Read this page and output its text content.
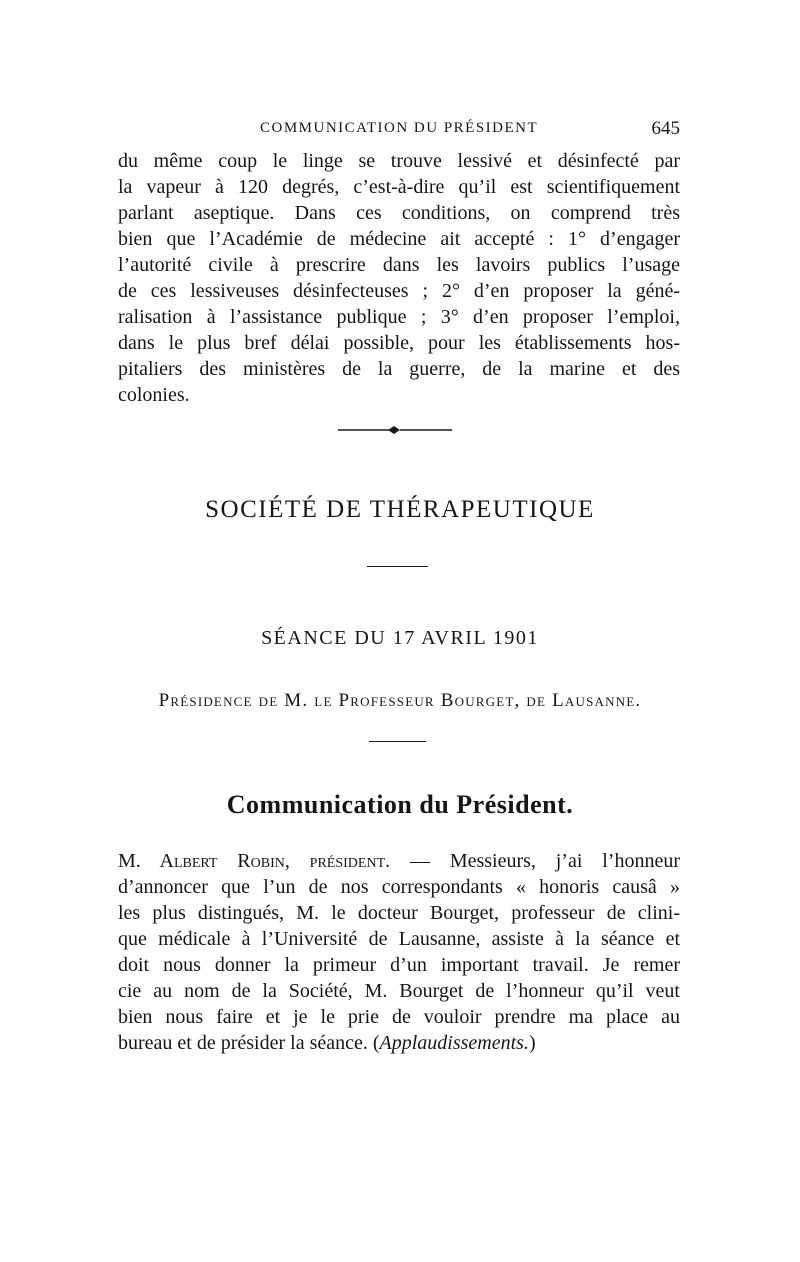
COMMUNICATION DU PRÉSIDENT	645

du même coup le linge se trouve lessivé et désinfecté par
la vapeur à 120 degrés, c’est-à-dire qu’il est scientifiquement
parlant aseptique. Dans ces conditions, on comprend très
bien que l’Académie de médecine ait accepté : 1° d’engager
l’autorité civile à prescrire dans les lavoirs publics l’usage
de ces lessiveuses désinfecteuses ; 2° d’en proposer la géné-
ralisation à l’assistance publique ; 3° d’en proposer l’emploi,
dans le plus bref délai possible, pour les établissements hos-
pitaliers des ministères de la guerre, de la marine et des
colonies.

SOCIÉTÉ DE THÉRAPEUTIQUE
SÉANCE DU 17 AVRIL 1901
Présidence de M. le Professeur Bourget, de Lausanne.
Communication du Président.

M. Albert Robin, président. — Messieurs, j’ai l’honneur
d’annoncer que l’un de nos correspondants « honoris causâ »
les plus distingués, M. le docteur Bourget, professeur de clini-
que médicale à l’Université de Lausanne, assiste à la séance et
doit nous donner la primeur d’un important travail. Je remer
cie au nom de la Société, M. Bourget de l’honneur qu’il veut
bien nous faire et je le prie de vouloir prendre ma place au
bureau et de présider la séance. (Applaudissements.)
